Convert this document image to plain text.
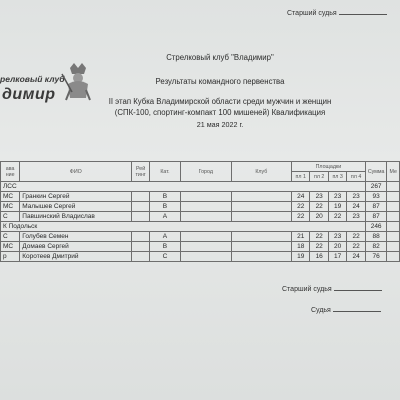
Старший судья
релковый клуб
димир
Стрелковый клуб "Владимир"
Результаты командного первенства
II этап Кубка Владимирской области среди мужчин и женщин
(СПК-100, спортинг-компакт 100 мишеней) Квалификация
21 мая 2022 г.
ава
ние	ФИО	Рей
тинг	Кат.	Город	Клуб	Площадки				Сумма	Ме
						пл 1	пл 2	пл 3	пл 4		
ЛСС										267	
МС	Гранкин Сергей		B			24	23	23	23	93	
МС	Малышев Сергей		B			22	22	19	24	87	
С	Павшинский Владислав		A			22	20	22	23	87	
К Подольск										246	
С	Голубев Семен		A			21	22	23	22	88	
МС	Домаев Сергей		B			18	22	20	22	82	
р	Коротеев Дмитрий		C			19	16	17	24	76	
Старший судья
Судья
